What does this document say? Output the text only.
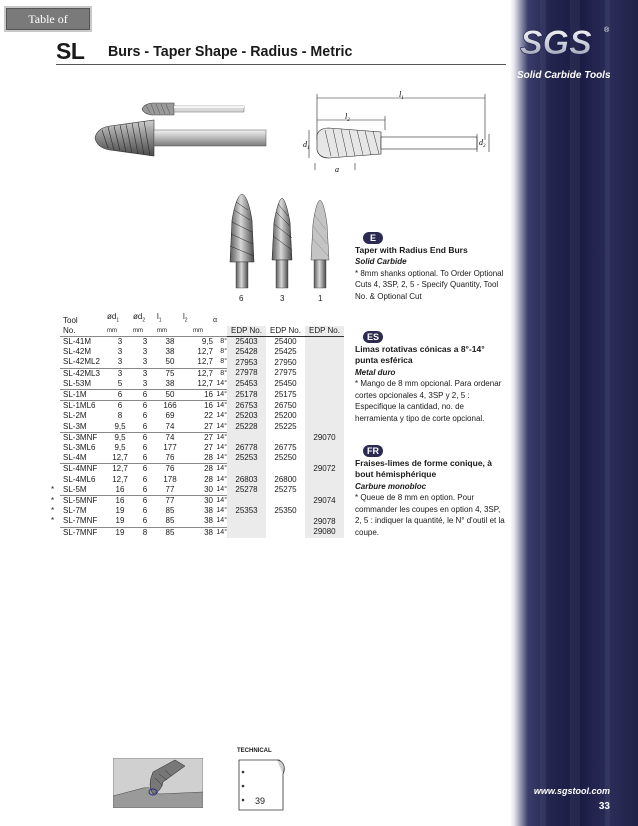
Table of Contents
SL Burs - Taper Shape - Radius - Metric	SGS ®
Solid Carbide Tools
$l_1$
$l_2$
$d_1$
$d_2$
a
6	3	1
Tool	$ød_1$	$ød_2$	$l_1$	$l_2$	α			
No.	mm	mm	mm	mm		EDP No.	EDP No.	EDP No.
SL-41M	3	3	38	9,5	8°	25403	25400	
SL-42M	3	3	38	12,7	8°	25428	25425	
SL-42ML2	3	3	50	12,7	8°	27953	27950	
SL-42ML3	3	3	75	12,7	8°	27978	27975	
SL-53M	5	3	38	12,7	14°	25453	25450	
SL-1M	6	6	50	16	14°	25178	25175	
SL-1ML6	6	6	166	16	14°	26753	26750	
SL-2M	8	6	69	22	14°	25203	25200	
SL-3M	9,5	6	74	27	14°	25228	25225	
SL-3MNF	9,5	6	74	27	14°			29070
SL-3ML6	9,5	6	177	27	14°	26778	26775	
SL-4M	12,7	6	76	28	14°	25253	25250	
SL-4MNF	12,7	6	76	28	14°			29072
SL-4ML6	12,7	6	178	28	14°	26803	26800	

* SL-5M	16	6	77	30	14°	25278	25275	

* SL-5MNF	16	6	77	30	14°			29074

* SL-7M	19	6	85	38	14°	25353	25350	

* SL-7MNF	19	6	85	38	14°			29078
SL-7MNF	19	8	85	38	14°			29080
E
Taper with Radius End Burs
Solid Carbide
* 8mm shanks optional. To Order Optional Cuts 4, 3SP, 2, 5 - Specify Quantity, Tool No. & Optional Cut
ES
Limas rotativas cónicas a 8°-14° punta esférica
Metal duro
* Mango de 8 mm opcional. Para ordenar cortes opcionales 4, 3SP y 2, 5 : Especifique la cantidad, no. de herramienta y tipo de corte opcional.
FR
Fraises-limes de forme conique, à bout hémisphérique
Carbure monobloc
* Queue de 8 mm en option. Pour commander les coupes en option 4, 3SP, 2, 5 : indiquer la quantité, le N° d'outil et la coupe.
TECHNICAL
39
www.sgstool.com
33
